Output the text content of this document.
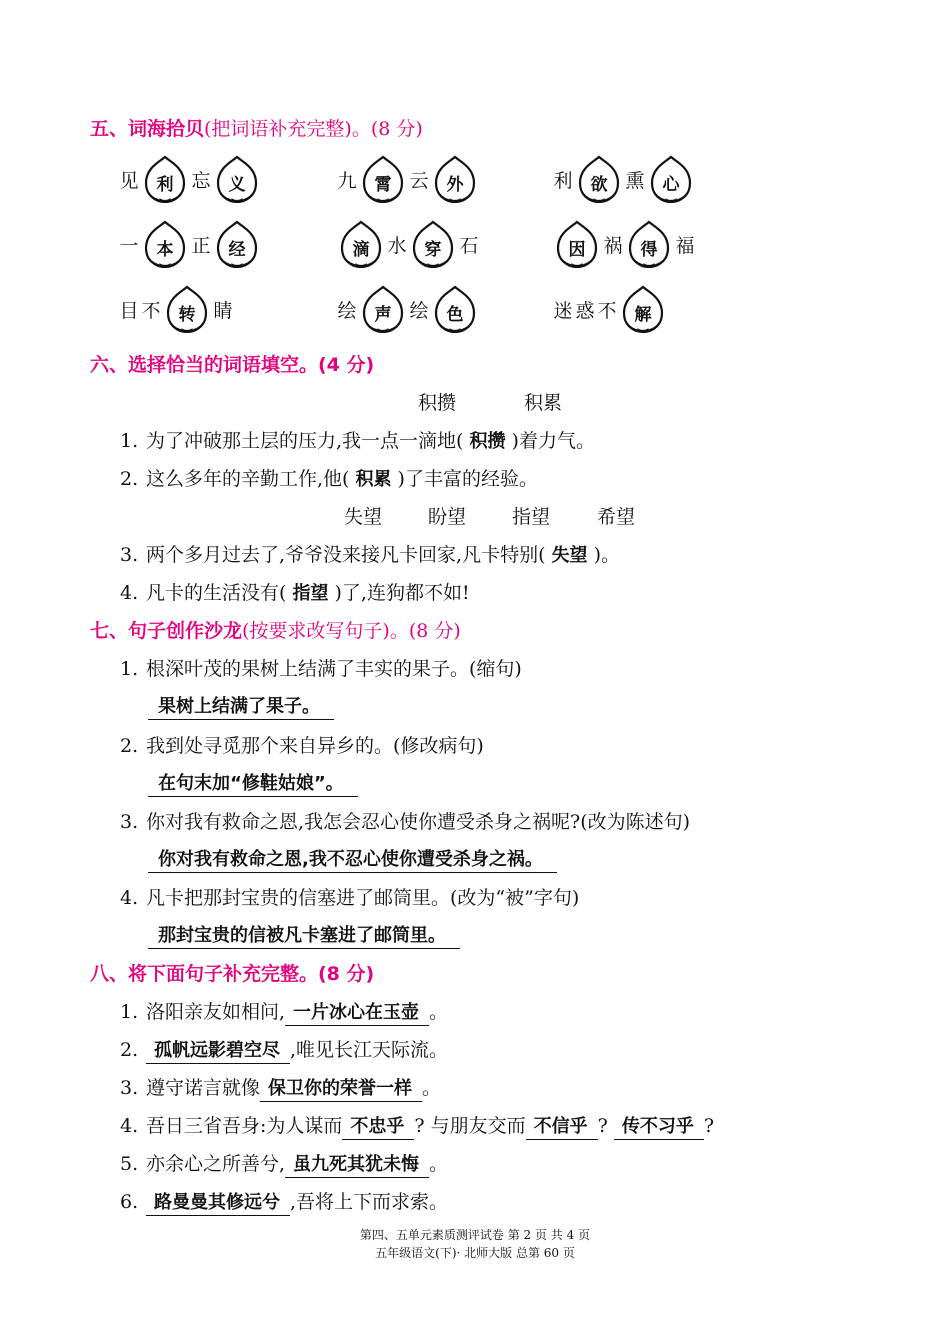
五、词海拾贝(把词语补充完整)。(8 分)
见	利 忘	义	九	霄 云	外	利	欲 熏	心
一	本 正	经	滴 水	穿 石	因 祸	得 福
目 不	转 睛	绘	声 绘	色	迷 惑 不	解
六、选择恰当的词语填空。(4 分)
积攒	积累
1. 为了冲破那土层的压力,我一点一滴地( 积攒 )着力气。
2. 这么多年的辛勤工作,他( 积累 )了丰富的经验。
失望 盼望 指望 希望
3. 两个多月过去了,爷爷没来接凡卡回家,凡卡特别( 失望 )。
4. 凡卡的生活没有( 指望 )了,连狗都不如!
七、句子创作沙龙(按要求改写句子)。(8 分)
1. 根深叶茂的果树上结满了丰实的果子。(缩句)
果树上结满了果子。
2. 我到处寻觅那个来自异乡的。(修改病句)
在句末加“修鞋姑娘”。
3. 你对我有救命之恩,我怎会忍心使你遭受杀身之祸呢?(改为陈述句)
你对我有救命之恩,我不忍心使你遭受杀身之祸。
4. 凡卡把那封宝贵的信塞进了邮筒里。(改为“被”字句)
那封宝贵的信被凡卡塞进了邮筒里。
八、将下面句子补充完整。(8 分)
1. 洛阳亲友如相问, 一片冰心在玉壶 。
2. 孤帆远影碧空尽 ,唯见长江天际流。
3. 遵守诺言就像 保卫你的荣誉一样 。
4. 吾日三省吾身:为人谋而 不忠乎 ? 与朋友交而 不信乎 ? 传不习乎 ?
5. 亦余心之所善兮, 虽九死其犹未悔 。
6. 路曼曼其修远兮 ,吾将上下而求索。
第四、五单元素质测评试卷 第 2 页 共 4 页
五年级语文(下)· 北师大版 总第 60 页
